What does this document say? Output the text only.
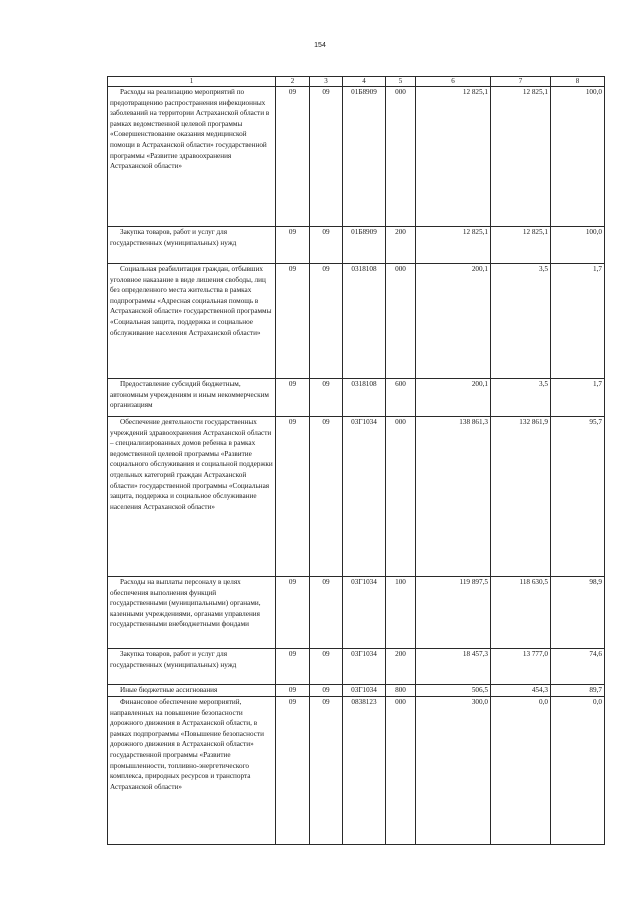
154
1	2	3	4	5	6	7	8
Расходы на реализацию мероприятий по предотвращению распространения инфекционных заболеваний на территории Астраханской области в рамках ведомственной целевой программы «Совершенствование оказания медицинской помощи в Астраханской области» государственной программы «Развитие здравоохранения Астраханской области»	09	09	01Б8909	000	12 825,1	12 825,1	100,0
Закупка товаров, работ и услуг для государственных (муниципальных) нужд	09	09	01Б8909	200	12 825,1	12 825,1	100,0
Социальная реабилитация граждан, отбывших уголовное наказание в виде лишения свободы, лиц без определенного места жительства в рамках подпрограммы «Адресная социальная помощь в Астраханской области» государственной программы «Социальная защита, поддержка и социальное обслуживание населения Астраханской области»	09	09	0318108	000	200,1	3,5	1,7
Предоставление субсидий бюджетным, автономным учреждениям и иным некоммерческим организациям	09	09	0318108	600	200,1	3,5	1,7
Обеспечение деятельности государственных учреждений здравоохранения Астраханской области – специализированных домов ребенка в рамках ведомственной целевой программы «Развитие социального обслуживания и социальной поддержки отдельных категорий граждан Астраханской области» государственной программы «Социальная защита, поддержка и социальное обслуживание населения Астраханской области»	09	09	03Г1034	000	138 861,3	132 861,9	95,7
Расходы на выплаты персоналу в целях обеспечения выполнения функций государственными (муниципальными) органами, казенными учреждениями, органами управления государственными внебюджетными фондами	09	09	03Г1034	100	119 897,5	118 630,5	98,9
Закупка товаров, работ и услуг для государственных (муниципальных) нужд	09	09	03Г1034	200	18 457,3	13 777,0	74,6
Иные бюджетные ассигнования	09	09	03Г1034	800	506,5	454,3	89,7
Финансовое обеспечение мероприятий, направленных на повышение безопасности дорожного движения в Астраханской области, в рамках подпрограммы «Повышение безопасности дорожного движения в Астраханской области» государственной программы «Развитие промышленности, топливно-энергетического комплекса, природных ресурсов и транспорта Астраханской области»	09	09	0838123	000	300,0	0,0	0,0
